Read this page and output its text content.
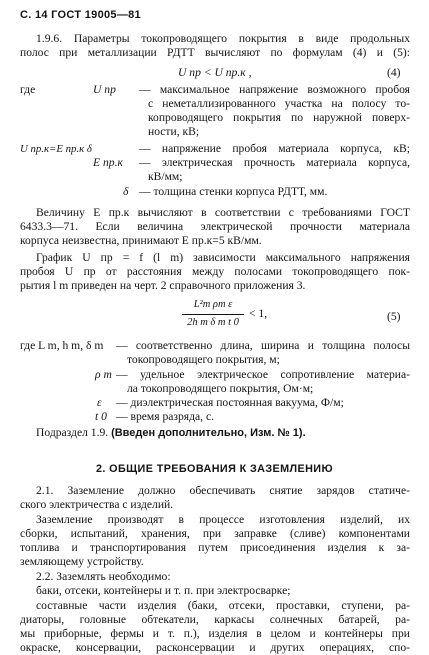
С. 14 ГОСТ 19005—81
1.9.6. Параметры токопроводящего покрытия в виде продольных
полос при металлизации РДТТ вычисляют по формулам (4) и (5):
U пр < U пр.к ,	(4)
где	U пр — максимальное напряжение возможного пробоя
с неметаллизированного участка на полосу то-
копроводящего покрытия по наружной поверх-
ности, кВ;
U пр.к=E пр.к δ	— напряжение пробоя материала корпуса, кВ;
E пр.к — электрическая прочность материала корпуса,
кВ/мм;
δ — толщина стенки корпуса РДТТ, мм.
Величину E пр.к вычисляют в соответствии с требованиями ГОСТ
6433.3—71. Если величина электрической прочности материала
корпуса неизвестна, принимают E пр.к=5 кВ/мм.
График U пр = f (l m) зависимости максимального напряжения
пробоя U пр от расстояния между полосами токопроводящего пок-
рытия l m приведен на черт. 2 справочного приложения 3.
L²m ρm ε
2h m δ m t 0
< 1,	(5)
где L m, h m, δ m — соответственно длина, ширина и толщина полосы
токопроводящего покрытия, м;
ρ m — удельное электрическое сопротивление материа-
ла токопроводящего покрытия, Ом·м;
ε — диэлектрическая постоянная вакуума, Ф/м;
t 0 — время разряда, с.
Подраздел 1.9. (Введен дополнительно, Изм. № 1).
2. ОБЩИЕ ТРЕБОВАНИЯ К ЗАЗЕМЛЕНИЮ
2.1. Заземление должно обеспечивать снятие зарядов статиче-
ского электричества с изделий.
Заземление производят в процессе изготовления изделий, их
сборки, испытаний, хранения, при заправке (сливе) компонентами
топлива и транспортирования путем присоединения изделия к за-
земляющему устройству.
2.2. Заземлять необходимо:
баки, отсеки, контейнеры и т. п. при электросварке;
составные части изделия (баки, отсеки, проставки, ступени, ра-
диаторы, головные обтекатели, каркасы солнечных батарей, ра-
мы приборные, фермы и т. п.), изделия в целом и контейнеры при
окраске, консервации, расконсервации и других операциях, спо-
